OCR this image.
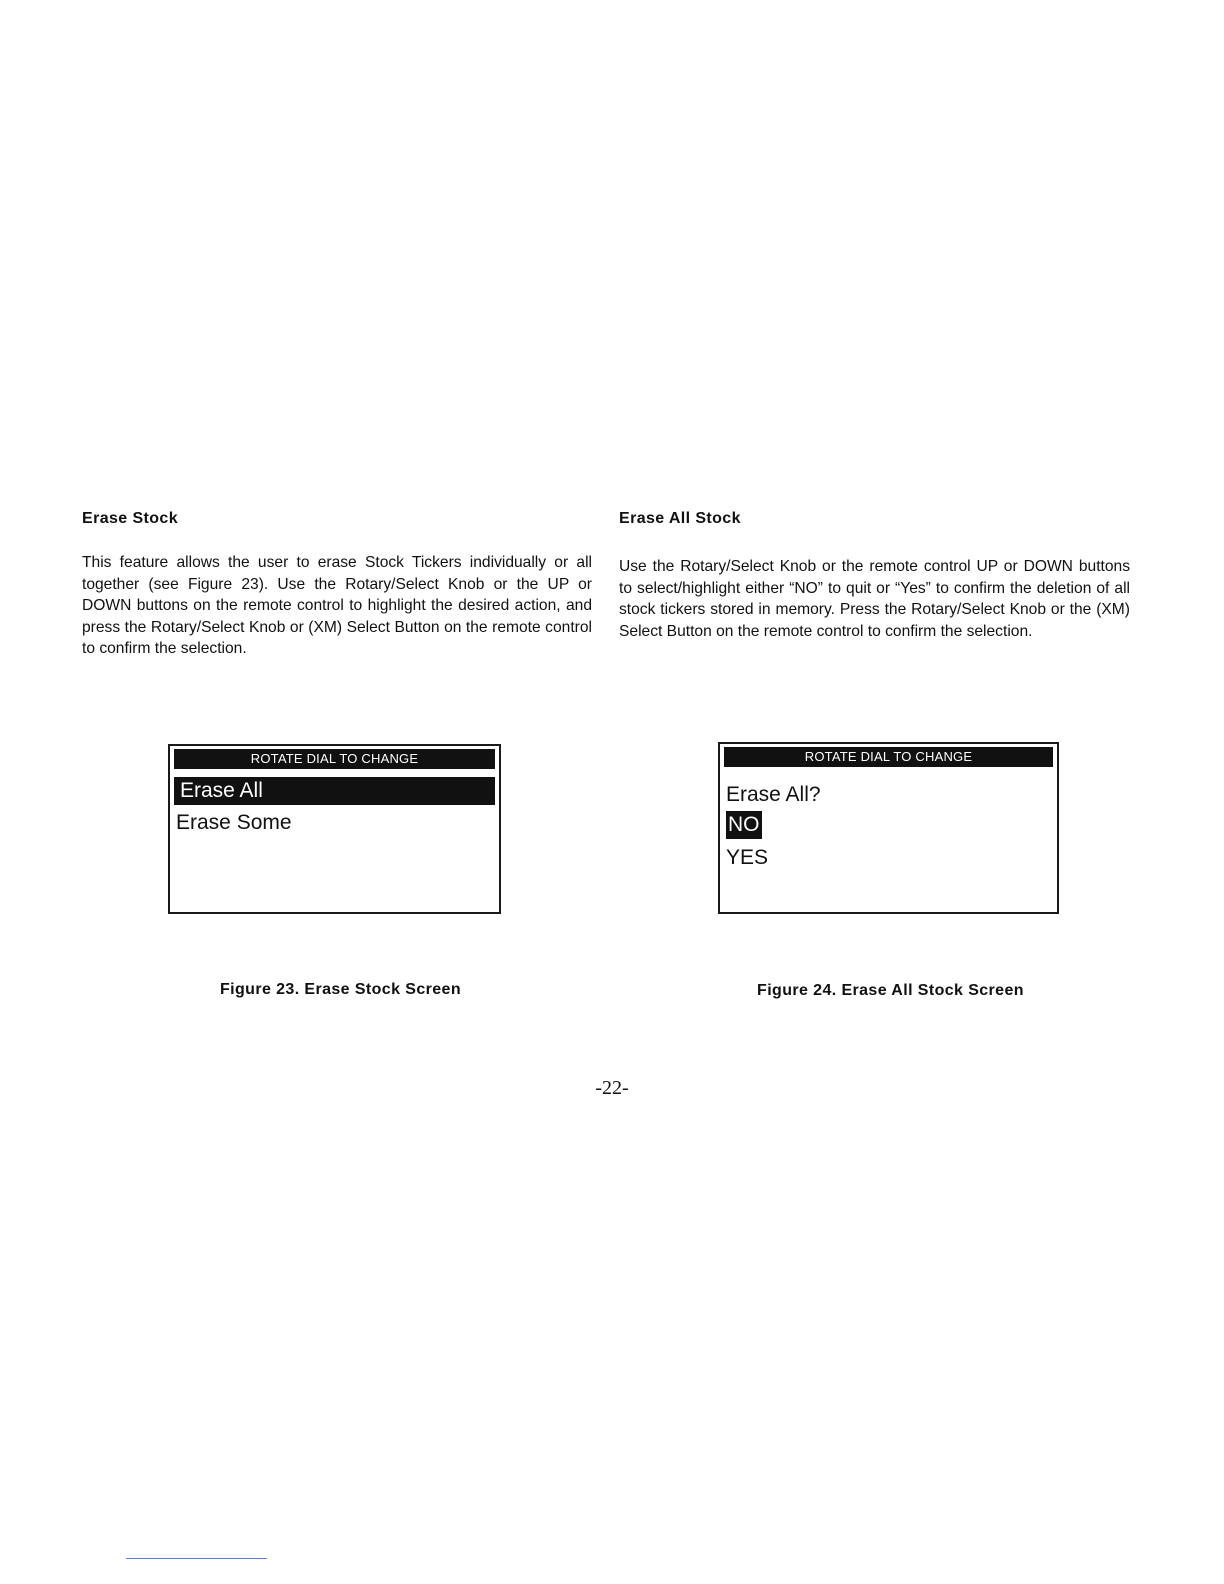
Erase Stock

This feature allows the user to erase Stock Tickers individually or all together (see Figure 23). Use the Rotary/Select Knob or the UP or DOWN buttons on the remote control to highlight the desired action, and press the Rotary/Select Knob or (XM) Select Button on the remote control to confirm the selection.

Erase All Stock

Use the Rotary/Select Knob or the remote control UP or DOWN buttons to select/highlight either “NO” to quit or “Yes” to confirm the deletion of all stock tickers stored in memory. Press the Rotary/Select Knob or the (XM) Select Button on the remote control to confirm the selection.

ROTATE DIAL TO CHANGE
Erase All
Erase Some

Figure 23. Erase Stock Screen

ROTATE DIAL TO CHANGE
Erase All?
NO
YES

Figure 24. Erase All Stock Screen

-22-
